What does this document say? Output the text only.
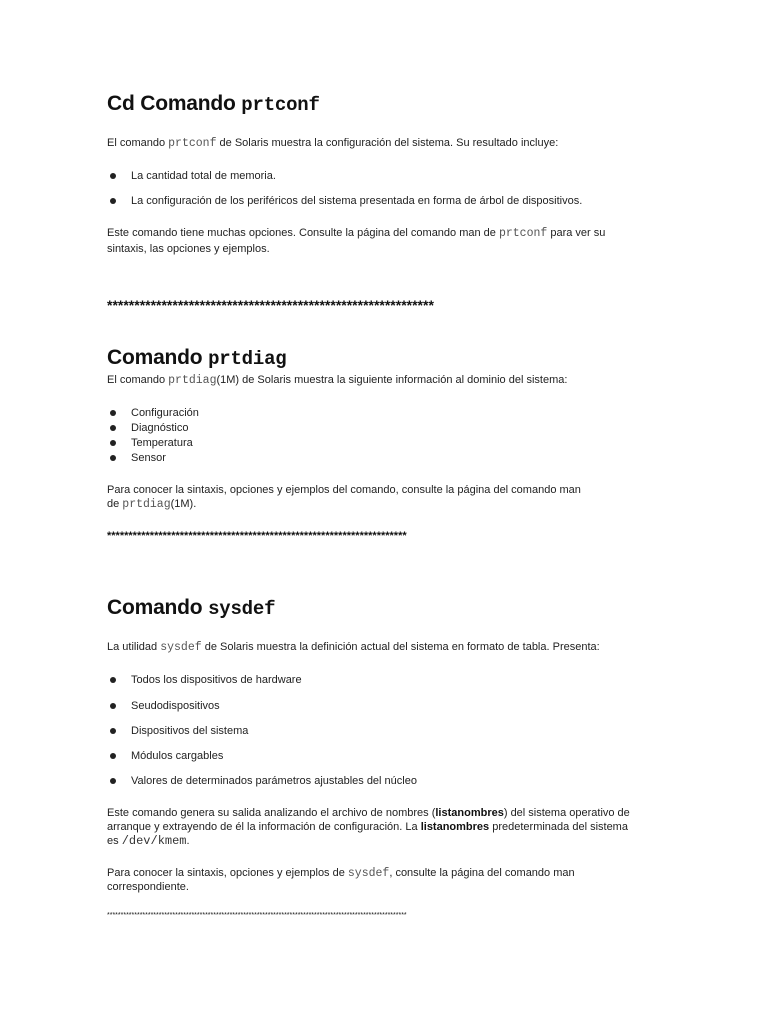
Cd Comando prtconf
El comando prtconf de Solaris muestra la configuración del sistema. Su resultado incluye:
La cantidad total de memoria.
La configuración de los periféricos del sistema presentada en forma de árbol de dispositivos.
Este comando tiene muchas opciones. Consulte la página del comando man de prtconf para ver su
sintaxis, las opciones y ejemplos.
************************************************************
Comando prtdiag
El comando prtdiag(1M) de Solaris muestra la siguiente información al dominio del sistema:
Configuración
Diagnóstico
Temperatura
Sensor
Para conocer la sintaxis, opciones y ejemplos del comando, consulte la página del comando man
de prtdiag(1M).
**********************************************************************
Comando sysdef
La utilidad sysdef de Solaris muestra la definición actual del sistema en formato de tabla. Presenta:
Todos los dispositivos de hardware
Seudodispositivos
Dispositivos del sistema
Módulos cargables
Valores de determinados parámetros ajustables del núcleo
Este comando genera su salida analizando el archivo de nombres (listanombres) del sistema operativo de
arranque y extrayendo de él la información de configuración. La listanombres predeterminada del sistema
es /dev/kmem.
Para conocer la sintaxis, opciones y ejemplos de sysdef, consulte la página del comando man
correspondiente.
**************************************************************************************************************
